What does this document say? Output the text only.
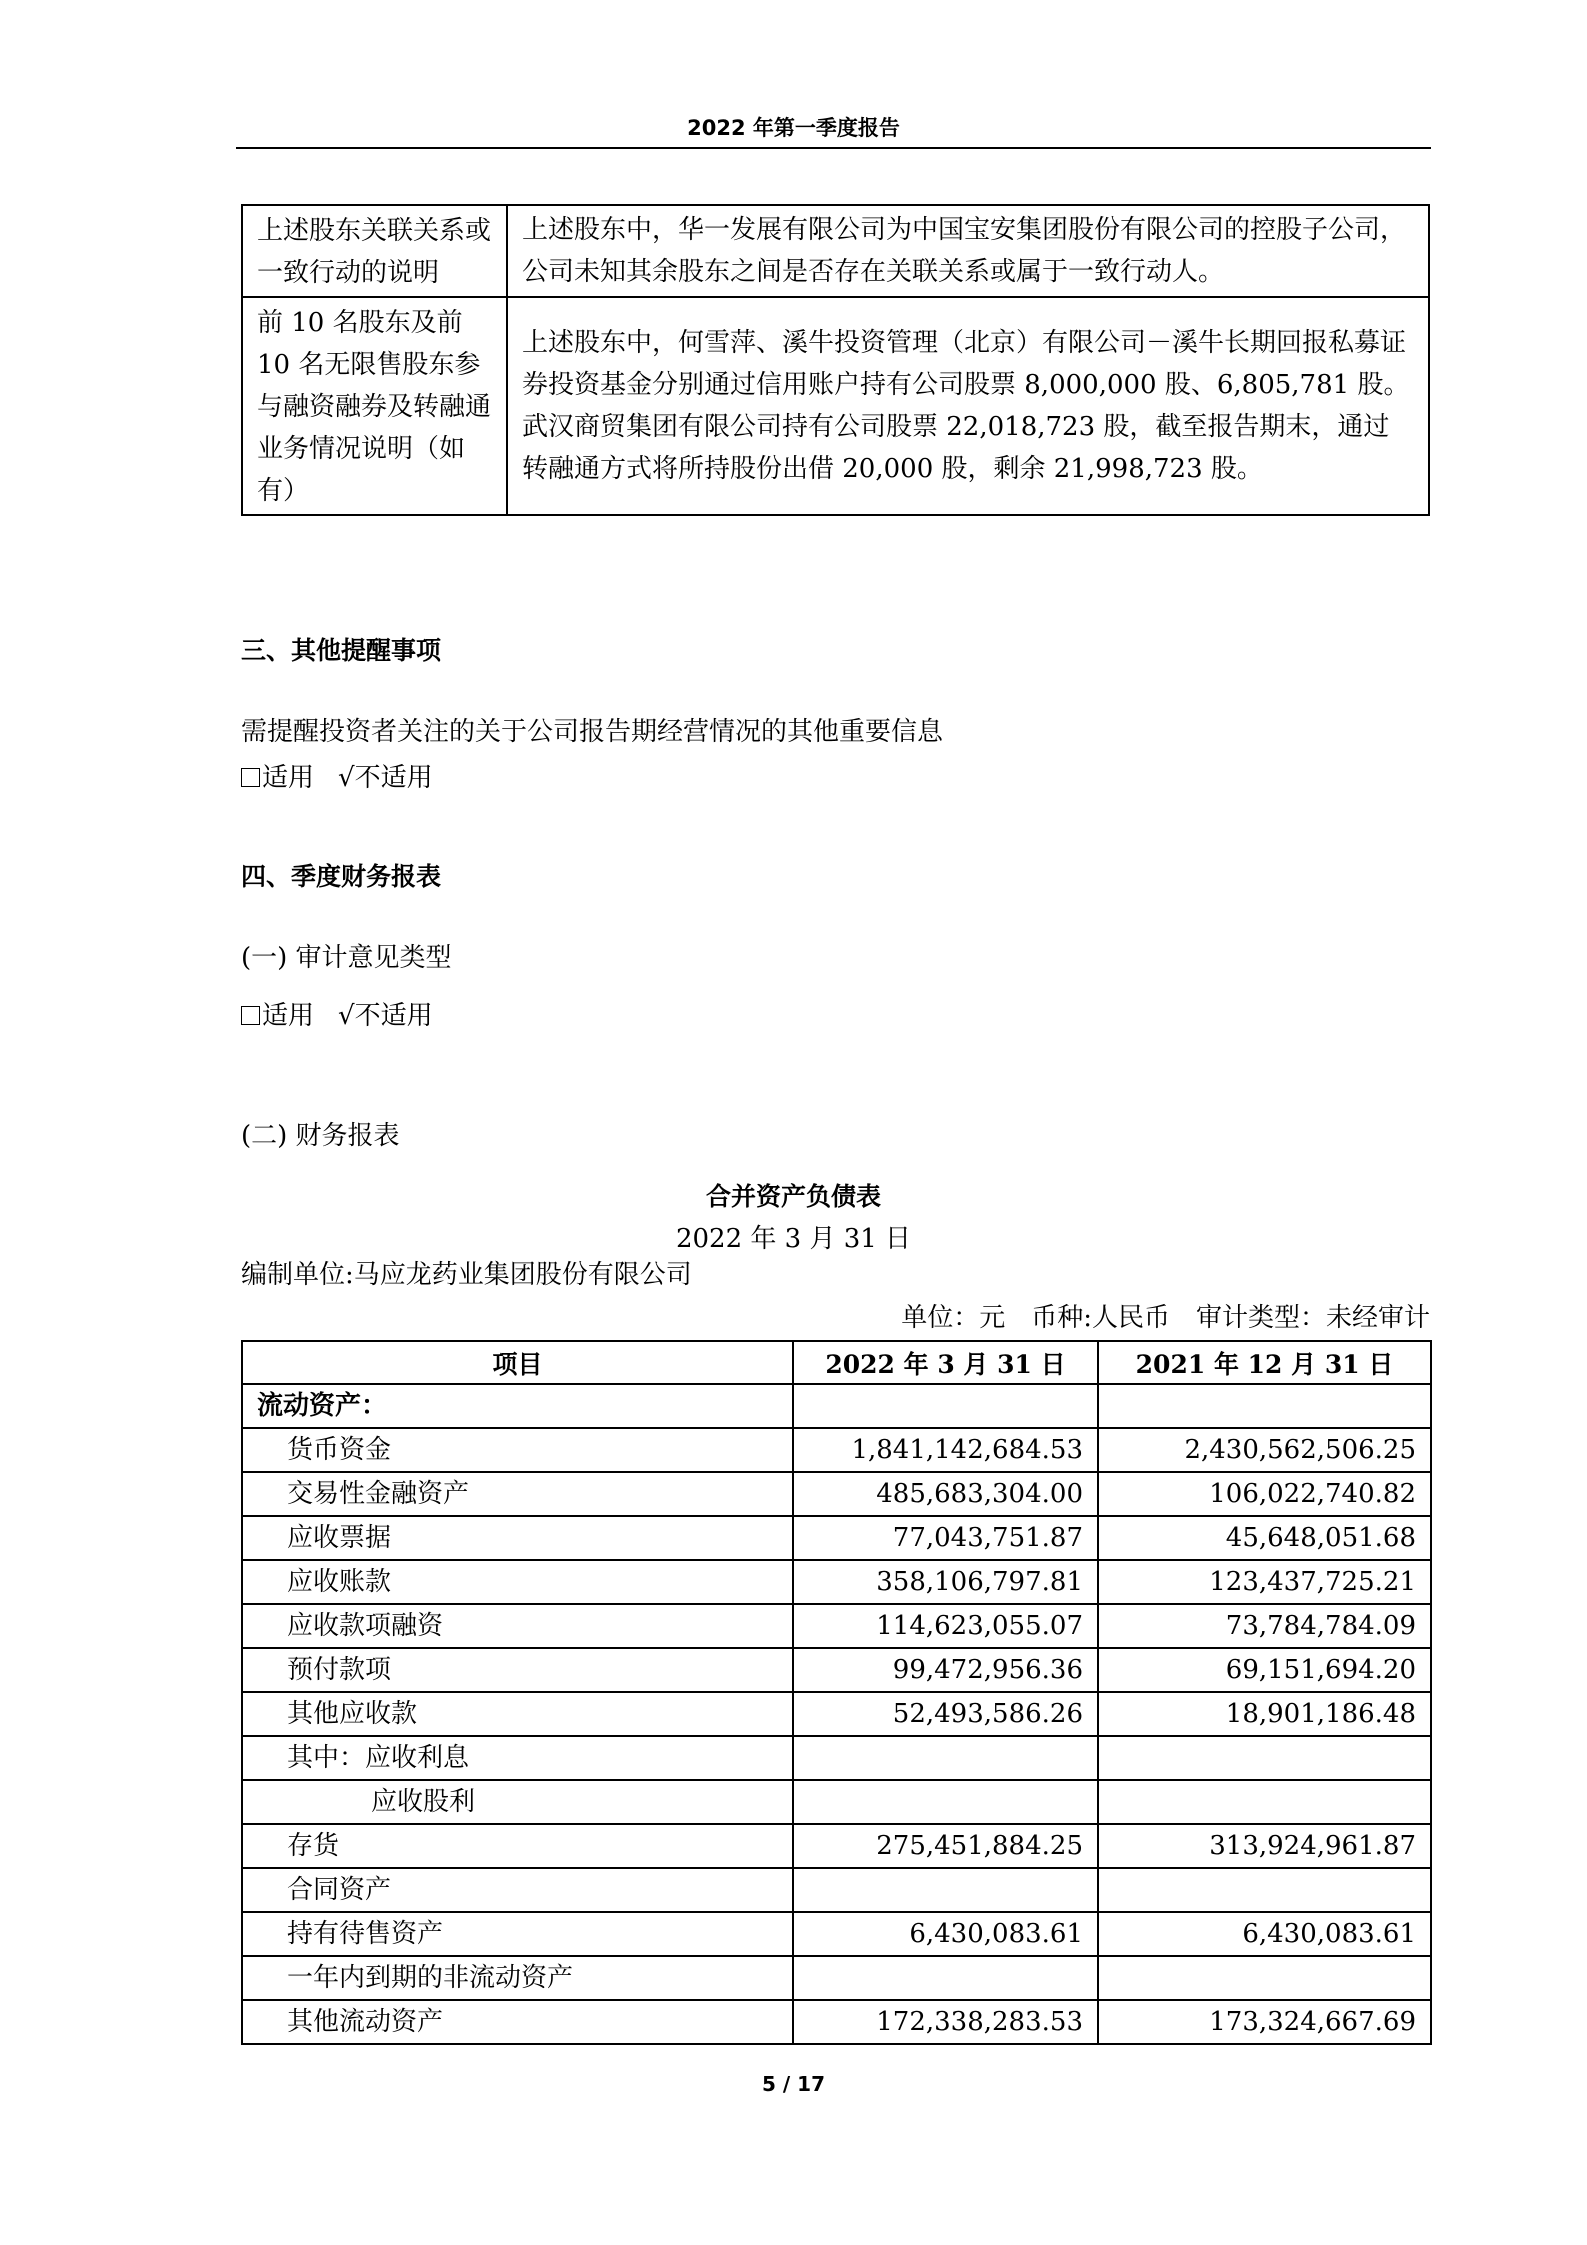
2022 年第一季度报告
上述股东关联关系或一致行动的说明	上述股东中，华一发展有限公司为中国宝安集团股份有限公司的控股子公司，公司未知其余股东之间是否存在关联关系或属于一致行动人。
前 10 名股东及前 10 名无限售股东参与融资融券及转融通业务情况说明（如有）	上述股东中，何雪萍、溪牛投资管理（北京）有限公司－溪牛长期回报私募证券投资基金分别通过信用账户持有公司股票 8,000,000 股、6,805,781 股。武汉商贸集团有限公司持有公司股票 22,018,723 股，截至报告期末，通过转融通方式将所持股份出借 20,000 股，剩余 21,998,723 股。
三、其他提醒事项
需提醒投资者关注的关于公司报告期经营情况的其他重要信息
适用 √不适用
四、季度财务报表
(一) 审计意见类型
适用 √不适用
(二) 财务报表
合并资产负债表
2022 年 3 月 31 日
编制单位:马应龙药业集团股份有限公司
单位：元　币种:人民币　审计类型：未经审计
项目	2022 年 3 月 31 日	2021 年 12 月 31 日
流动资产：		
货币资金	1,841,142,684.53	2,430,562,506.25
交易性金融资产	485,683,304.00	106,022,740.82
应收票据	77,043,751.87	45,648,051.68
应收账款	358,106,797.81	123,437,725.21
应收款项融资	114,623,055.07	73,784,784.09
预付款项	99,472,956.36	69,151,694.20
其他应收款	52,493,586.26	18,901,186.48
其中：应收利息		
应收股利		
存货	275,451,884.25	313,924,961.87
合同资产		
持有待售资产	6,430,083.61	6,430,083.61
一年内到期的非流动资产		
其他流动资产	172,338,283.53	173,324,667.69
5 / 17
